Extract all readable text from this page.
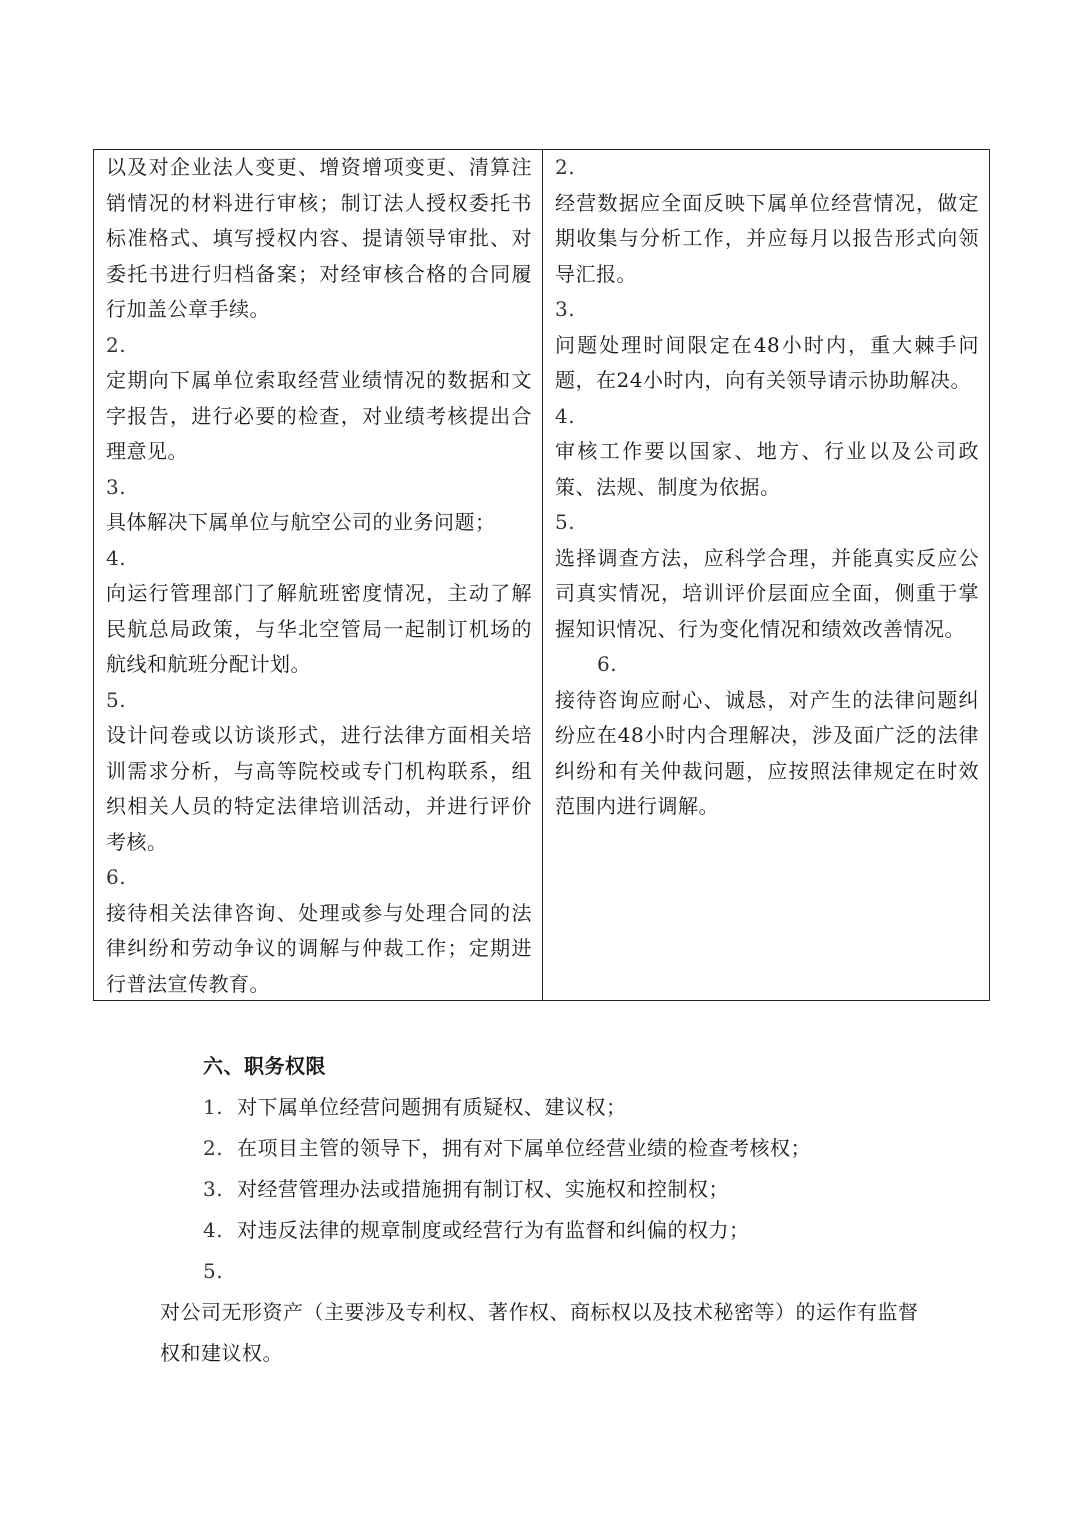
以及对企业法人变更、增资增项变更、清算注销情况的材料进行审核；制订法人授权委托书标准格式、填写授权内容、提请领导审批、对委托书进行归档备案；对经审核合格的合同履行加盖公章手续。

2.

定期向下属单位索取经营业绩情况的数据和文字报告，进行必要的检查，对业绩考核提出合理意见。

3.

具体解决下属单位与航空公司的业务问题；

4.

向运行管理部门了解航班密度情况，主动了解民航总局政策，与华北空管局一起制订机场的航线和航班分配计划。

5.

设计问卷或以访谈形式，进行法律方面相关培训需求分析，与高等院校或专门机构联系，组织相关人员的特定法律培训活动，并进行评价考核。

6.

接待相关法律咨询、处理或参与处理合同的法律纠纷和劳动争议的调解与仲裁工作；定期进行普法宣传教育。

2.

经营数据应全面反映下属单位经营情况，做定期收集与分析工作，并应每月以报告形式向领导汇报。

3.

问题处理时间限定在48小时内，重大棘手问题，在24小时内，向有关领导请示协助解决。

4.

审核工作要以国家、地方、行业以及公司政策、法规、制度为依据。

5.

选择调查方法，应科学合理，并能真实反应公司真实情况，培训评价层面应全面，侧重于掌握知识情况、行为变化情况和绩效改善情况。

6.

接待咨询应耐心、诚恳，对产生的法律问题纠纷应在48小时内合理解决，涉及面广泛的法律纠纷和有关仲裁问题，应按照法律规定在时效范围内进行调解。

六、职务权限

1. 对下属单位经营问题拥有质疑权、建议权；
2. 在项目主管的领导下，拥有对下属单位经营业绩的检查考核权；
3. 对经营管理办法或措施拥有制订权、实施权和控制权；
4. 对违反法律的规章制度或经营行为有监督和纠偏的权力；
5.

对公司无形资产（主要涉及专利权、著作权、商标权以及技术秘密等）的运作有监督权和建议权。
